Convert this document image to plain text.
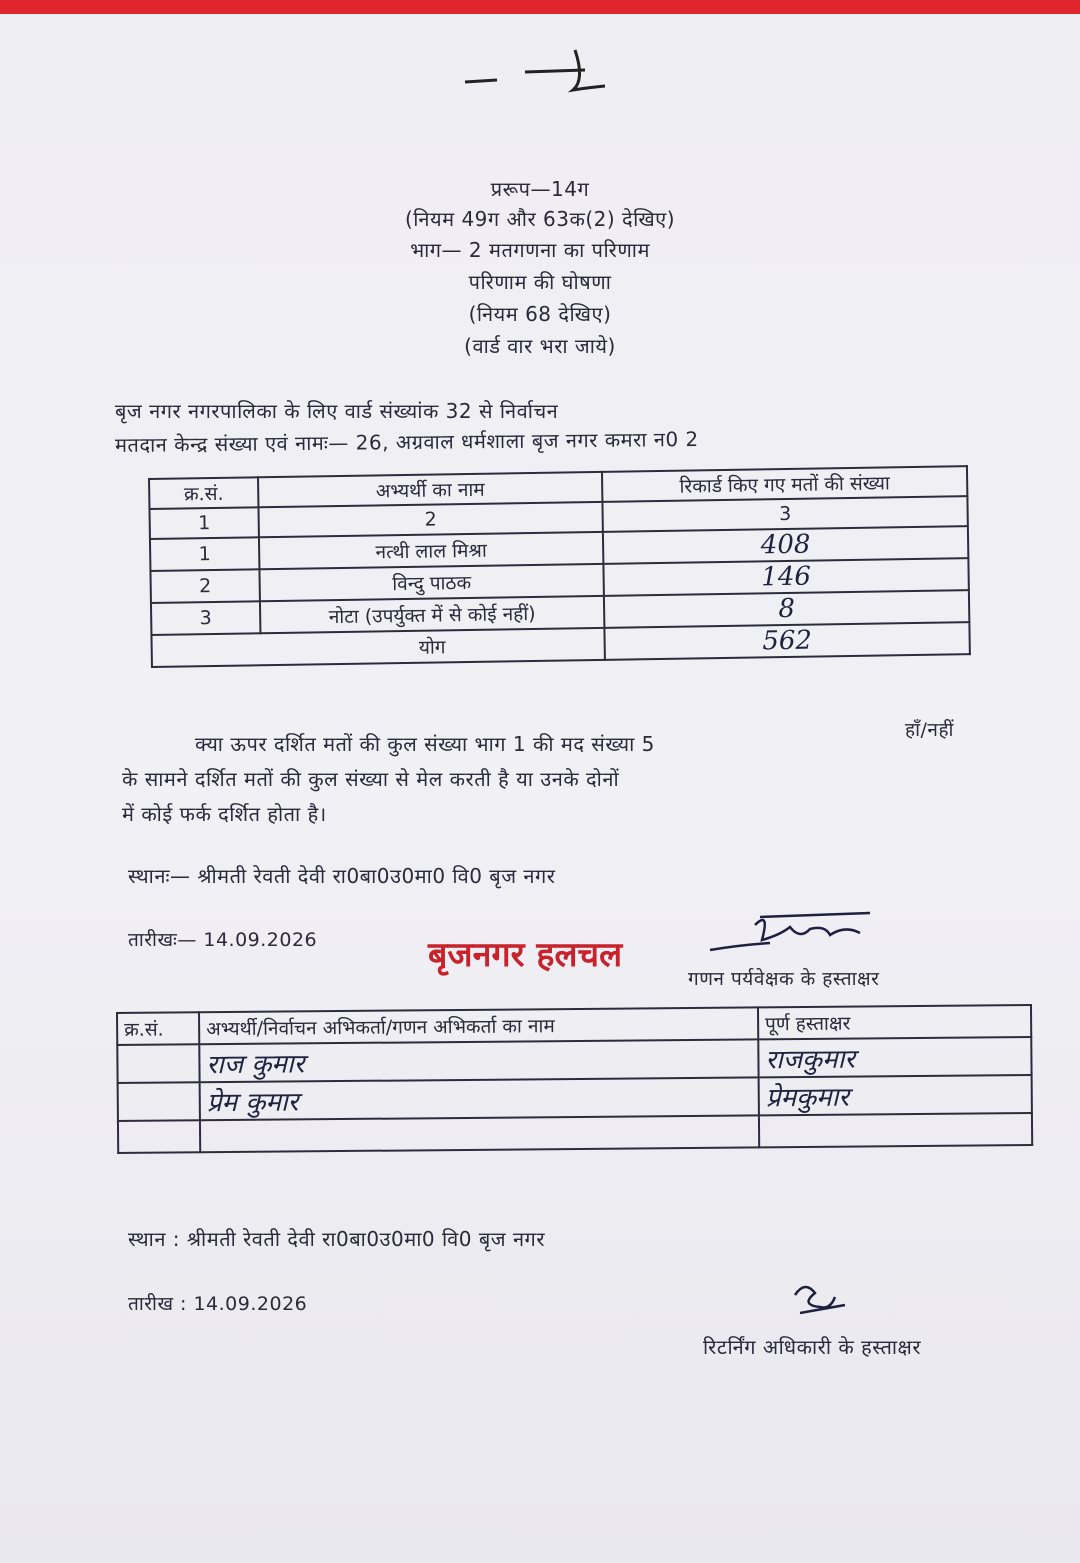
प्ररूप—14ग
(नियम 49ग और 63क(2) देखिए)
भाग— 2 मतगणना का परिणाम
परिणाम की घोषणा
(नियम 68 देखिए)
(वार्ड वार भरा जाये)
बृज नगर नगरपालिका के लिए वार्ड संख्यांक 32 से निर्वाचन
मतदान केन्द्र संख्या एवं नामः— 26, अग्रवाल धर्मशाला बृज नगर कमरा न0 2
क्र.सं.	अभ्यर्थी का नाम	रिकार्ड किए गए मतों की संख्या
1	2	3
1	नत्थी लाल मिश्रा	408
2	विन्दु पाठक	146
3	नोटा (उपर्युक्त में से कोई नहीं)	8
	योग	562
हाँ/नहीं
क्या ऊपर दर्शित मतों की कुल संख्या भाग 1 की मद संख्या 5
के सामने दर्शित मतों की कुल संख्या से मेल करती है या उनके दोनों
में कोई फर्क दर्शित होता है।
स्थानः— श्रीमती रेवती देवी रा0बा0उ0मा0 वि0 बृज नगर
तारीखः— 14.09.2026	बृजनगर हलचल
गणन पर्यवेक्षक के हस्ताक्षर
क्र.सं.	अभ्यर्थी/निर्वाचन अभिकर्ता/गणन अभिकर्ता का नाम	पूर्ण हस्ताक्षर
	राज कुमार	राजकुमार
	प्रेम कुमार	प्रेमकुमार

स्थान : श्रीमती रेवती देवी रा0बा0उ0मा0 वि0 बृज नगर
तारीख : 14.09.2026
रिटर्निंग अधिकारी के हस्ताक्षर
